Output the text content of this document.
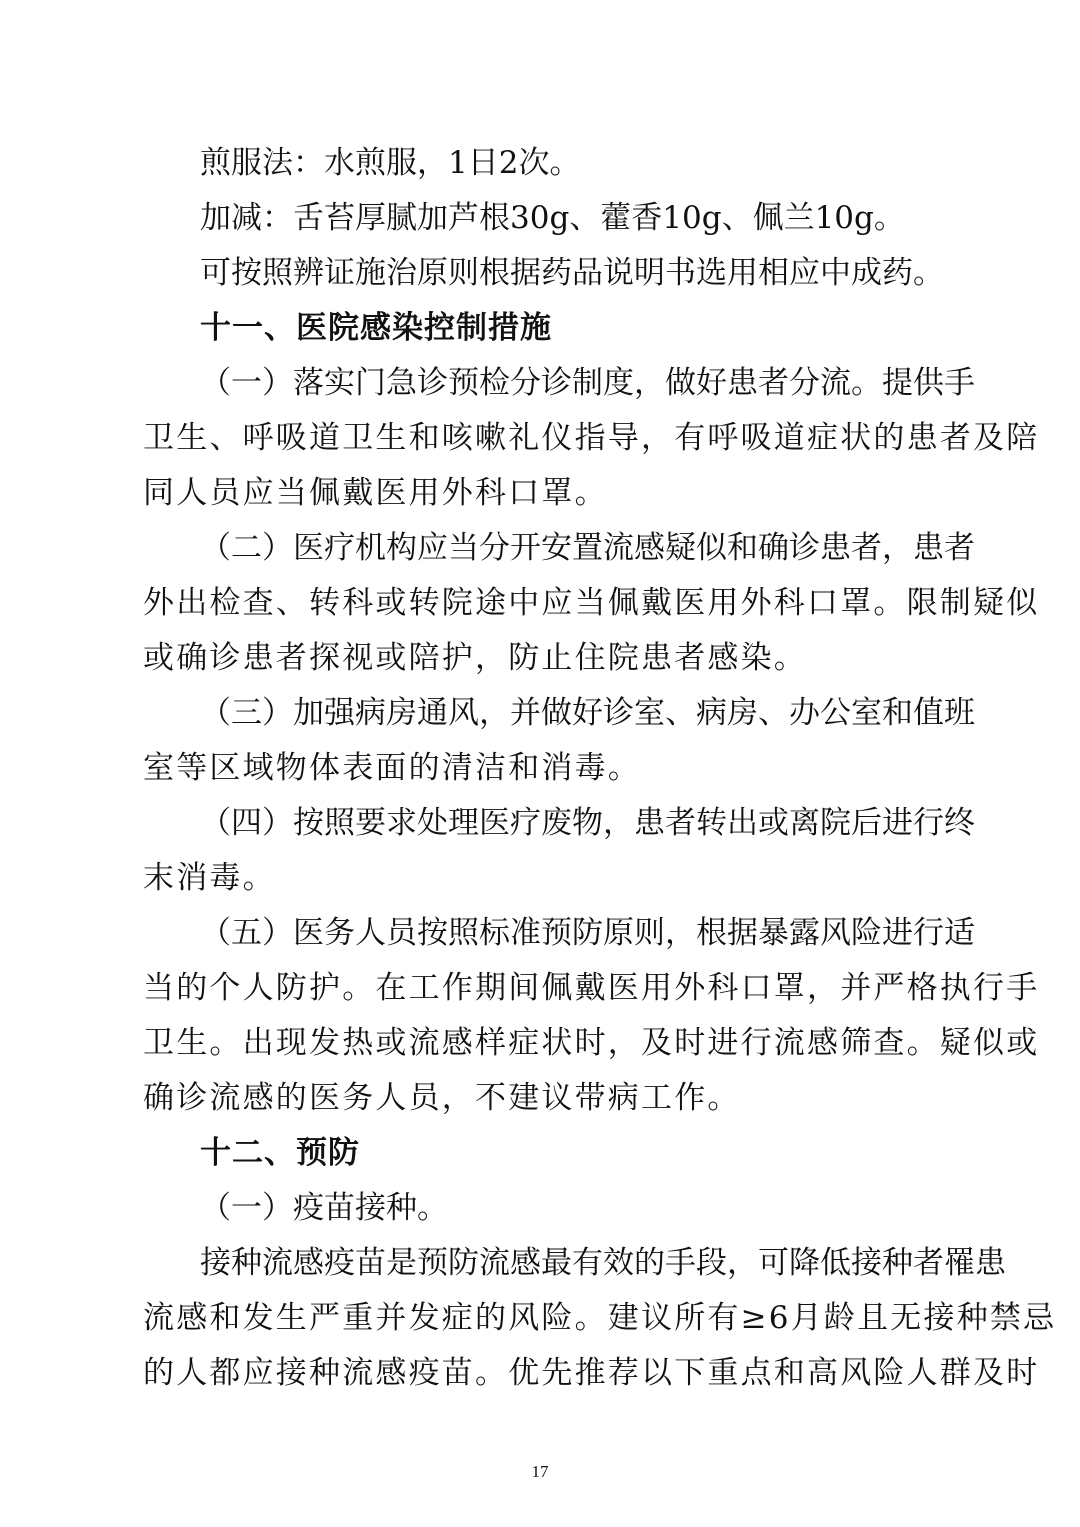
煎服法：水煎服，1日2次。
加减：舌苔厚腻加芦根30g、藿香10g、佩兰10g。
可按照辨证施治原则根据药品说明书选用相应中成药。
十一、医院感染控制措施
（一）落实门急诊预检分诊制度，做好患者分流。提供手
卫生、呼吸道卫生和咳嗽礼仪指导，有呼吸道症状的患者及陪
同人员应当佩戴医用外科口罩。
（二）医疗机构应当分开安置流感疑似和确诊患者，患者
外出检查、转科或转院途中应当佩戴医用外科口罩。限制疑似
或确诊患者探视或陪护，防止住院患者感染。
（三）加强病房通风，并做好诊室、病房、办公室和值班
室等区域物体表面的清洁和消毒。
（四）按照要求处理医疗废物，患者转出或离院后进行终
末消毒。
（五）医务人员按照标准预防原则，根据暴露风险进行适
当的个人防护。在工作期间佩戴医用外科口罩，并严格执行手
卫生。出现发热或流感样症状时，及时进行流感筛查。疑似或
确诊流感的医务人员，不建议带病工作。
十二、预防
（一）疫苗接种。
接种流感疫苗是预防流感最有效的手段，可降低接种者罹患
流感和发生严重并发症的风险。建议所有≥6月龄且无接种禁忌
的人都应接种流感疫苗。优先推荐以下重点和高风险人群及时
17
